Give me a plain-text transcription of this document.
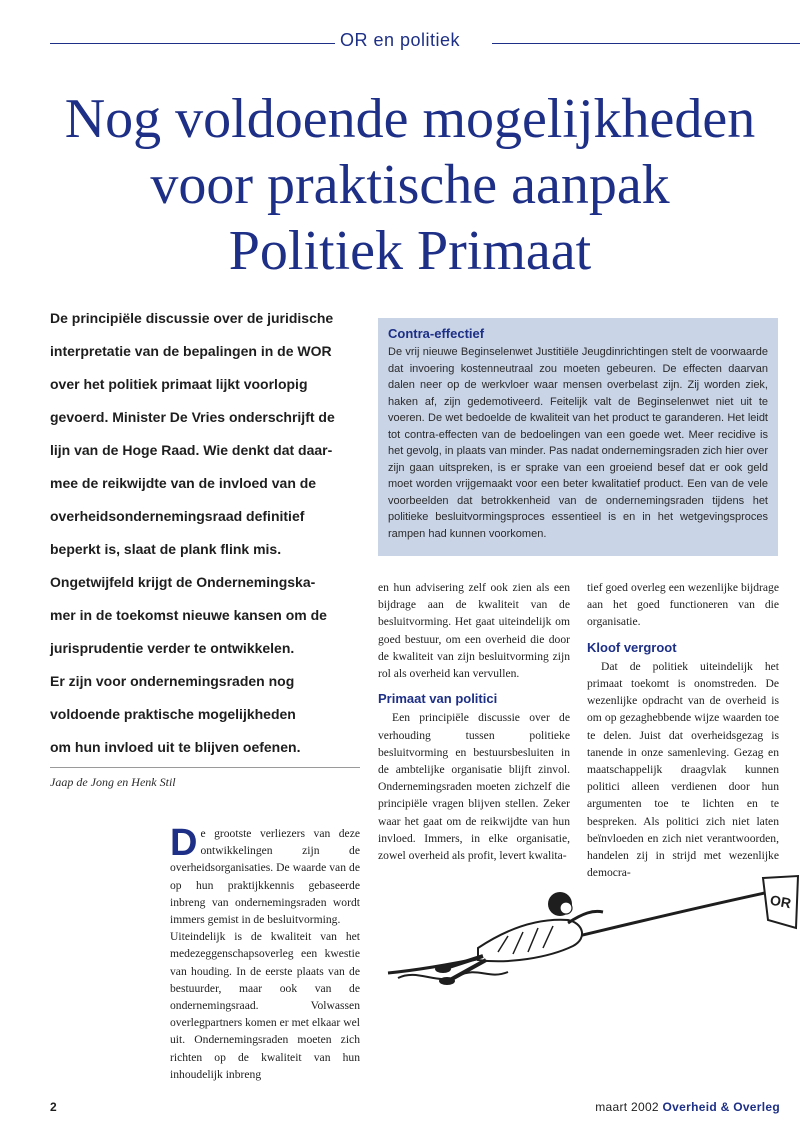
OR en politiek
Nog voldoende mogelijkheden
voor praktische aanpak
Politiek Primaat

De principiële discussie over de juridische
interpretatie van de bepalingen in de WOR
over het politiek primaat lijkt voorlopig
gevoerd. Minister De Vries onderschrijft de
lijn van de Hoge Raad. Wie denkt dat daar-
mee de reikwijdte van de invloed van de
overheidsondernemingsraad definitief
beperkt is, slaat de plank flink mis.
Ongetwijfeld krijgt de Ondernemingska-
mer in de toekomst nieuwe kansen om de
jurisprudentie verder te ontwikkelen.
Er zijn voor ondernemingsraden nog
voldoende praktische mogelijkheden
om hun invloed uit te blijven oefenen.

Jaap de Jong en Henk Stil
Contra-effectief

De vrij nieuwe Beginselenwet Justitiële Jeugdinrichtingen stelt de voorwaarde dat invoering kostenneutraal zou moeten gebeuren. De effecten daarvan dalen neer op de werkvloer waar mensen overbelast zijn. Zij worden ziek, haken af, zijn gedemotiveerd. Feitelijk valt de Beginselenwet niet uit te voeren. De wet bedoelde de kwaliteit van het product te garanderen. Het leidt tot contra-effecten van de bedoelingen van een goede wet. Meer recidive is het gevolg, in plaats van minder. Pas nadat ondernemingsraden zich hier over zijn gaan uitspreken, is er sprake van een groeiend besef dat er ook geld moet worden vrijgemaakt voor een beter kwalitatief product. Een van de vele voorbeelden dat betrokkenheid van de ondernemingsraden tijdens het politieke besluitvormingsproces essentieel is en in het wetgevingsproces rampen had kunnen voorkomen.

De grootste verliezers van deze ontwikkelingen zijn de overheidsorganisaties. De waarde van de op hun praktijkkennis gebaseerde inbreng van ondernemingsraden wordt immers gemist in de besluitvorming.

Uiteindelijk is de kwaliteit van het medezeggenschapsoverleg een kwestie van houding. In de eerste plaats van de bestuurder, maar ook van de ondernemingsraad. Volwassen overlegpartners komen er met elkaar wel uit. Ondernemingsraden moeten zich richten op de kwaliteit van hun inhoudelijk inbreng

en hun advisering zelf ook zien als een bijdrage aan de kwaliteit van de besluitvorming. Het gaat uiteindelijk om goed bestuur, om een overheid die door de kwaliteit van zijn besluitvorming zijn rol als overheid kan vervullen.

Primaat van politici

Een principiële discussie over de verhouding tussen politieke besluitvorming en bestuursbesluiten in de ambtelijke organisatie blijft zinvol. Ondernemingsraden moeten zichzelf die principiële vragen blijven stellen. Zeker waar het gaat om de reikwijdte van hun invloed. Immers, in elke organisatie, zowel overheid als profit, levert kwalita-

tief goed overleg een wezenlijke bijdrage aan het goed functioneren van die organisatie.

Kloof vergroot

Dat de politiek uiteindelijk het primaat toekomt is onomstreden. De wezenlijke opdracht van de overheid is om op gezaghebbende wijze waarden toe te delen. Juist dat overheidsgezag is tanende in onze samenleving. Gezag en maatschappelijk draagvlak kunnen politici alleen verdienen door hun argumenten toe te lichten en te bespreken. Als politici zich niet laten beïnvloeden en zich niet verantwoorden, handelen zij in strijd met wezenlijke democra-

OR
2	maart 2002 Overheid & Overleg
